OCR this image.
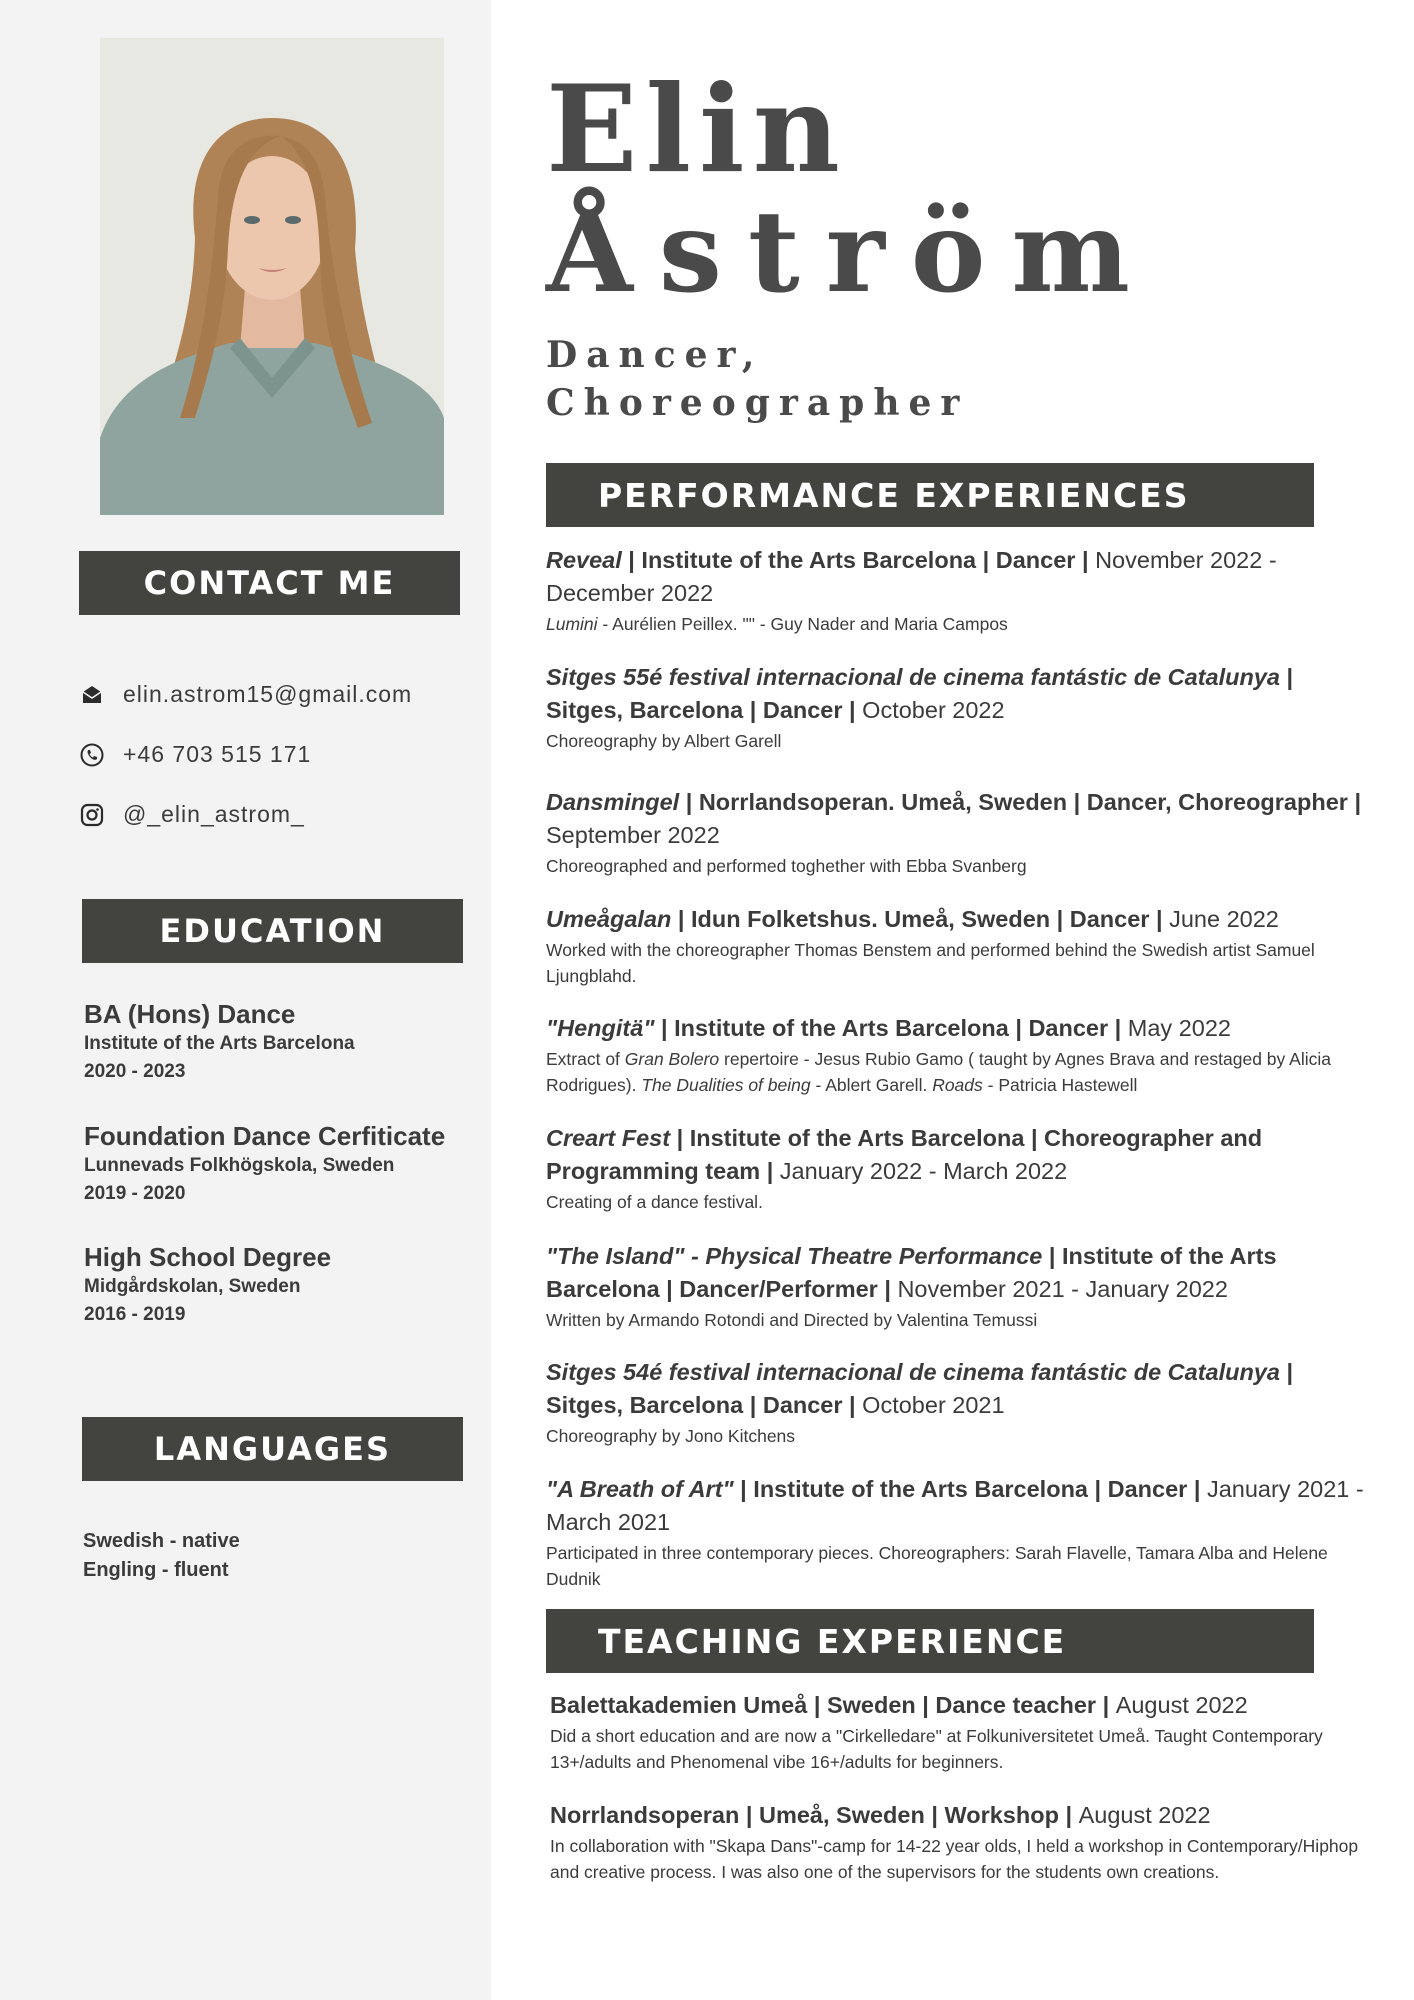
CONTACT ME
elin.astrom15@gmail.com
+46 703 515 171
@_elin_astrom_
EDUCATION
BA (Hons) Dance
Institute of the Arts Barcelona
2020 - 2023
Foundation Dance Cerfiticate
Lunnevads Folkhögskola, Sweden
2019 - 2020
High School Degree
Midgårdskolan, Sweden
2016 - 2019
LANGUAGES
Swedish - native
Engling - fluent
Elin
Åström
Dancer,
Choreographer
PERFORMANCE EXPERIENCES
Reveal | Institute of the Arts Barcelona | Dancer | November 2022 - December 2022
Lumini - Aurélien Peillex. "" - Guy Nader and Maria Campos
Sitges 55é festival internacional de cinema fantástic de Catalunya | Sitges, Barcelona | Dancer | October 2022
Choreography by Albert Garell
Dansmingel | Norrlandsoperan. Umeå, Sweden | Dancer, Choreographer | September 2022
Choreographed and performed toghether with Ebba Svanberg
Umeågalan | Idun Folketshus. Umeå, Sweden | Dancer | June 2022
Worked with the choreographer Thomas Benstem and performed behind the Swedish artist Samuel Ljungblahd.
"Hengitä" | Institute of the Arts Barcelona | Dancer | May 2022
Extract of Gran Bolero repertoire - Jesus Rubio Gamo ( taught by Agnes Brava and restaged by Alicia Rodrigues). The Dualities of being - Ablert Garell. Roads - Patricia Hastewell
Creart Fest | Institute of the Arts Barcelona | Choreographer and Programming team | January 2022 - March 2022
Creating of a dance festival.
"The Island" - Physical Theatre Performance | Institute of the Arts Barcelona | Dancer/Performer | November 2021 - January 2022
Written by Armando Rotondi and Directed by Valentina Temussi
Sitges 54é festival internacional de cinema fantástic de Catalunya | Sitges, Barcelona | Dancer | October 2021
Choreography by Jono Kitchens
"A Breath of Art" | Institute of the Arts Barcelona | Dancer | January 2021 - March 2021
Participated in three contemporary pieces. Choreographers: Sarah Flavelle, Tamara Alba and Helene Dudnik
TEACHING EXPERIENCE
Balettakademien Umeå | Sweden | Dance teacher | August 2022
Did a short education and are now a "Cirkelledare" at Folkuniversitetet Umeå. Taught Contemporary 13+/adults and Phenomenal vibe 16+/adults for beginners.
Norrlandsoperan | Umeå, Sweden | Workshop | August 2022
In collaboration with "Skapa Dans"-camp for 14-22 year olds, I held a workshop in Contemporary/Hiphop and creative process. I was also one of the supervisors for the students own creations.
